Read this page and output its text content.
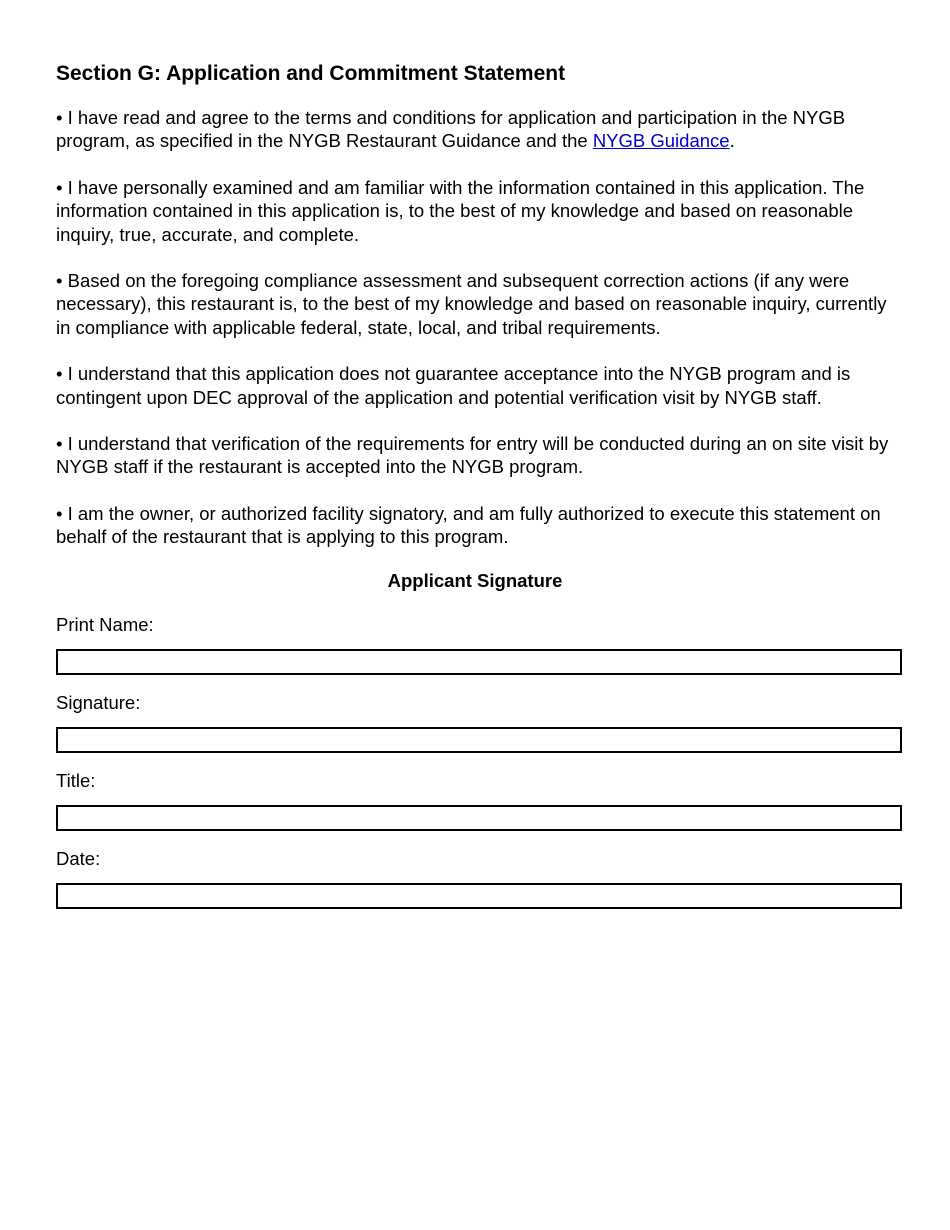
Section G: Application and Commitment Statement

• I have read and agree to the terms and conditions for application and participation in the NYGB program, as specified in the NYGB Restaurant Guidance and the NYGB Guidance.

• I have personally examined and am familiar with the information contained in this application. The information contained in this application is, to the best of my knowledge and based on reasonable inquiry, true, accurate, and complete.

• Based on the foregoing compliance assessment and subsequent correction actions (if any were necessary), this restaurant is, to the best of my knowledge and based on reasonable inquiry, currently in compliance with applicable federal, state, local, and tribal requirements.

• I understand that this application does not guarantee acceptance into the NYGB program and is contingent upon DEC approval of the application and potential verification visit by NYGB staff.

• I understand that verification of the requirements for entry will be conducted during an on site visit by NYGB staff if the restaurant is accepted into the NYGB program.

• I am the owner, or authorized facility signatory, and am fully authorized to execute this statement on behalf of the restaurant that is applying to this program.

Applicant Signature
Print Name:
Signature:
Title:
Date:
